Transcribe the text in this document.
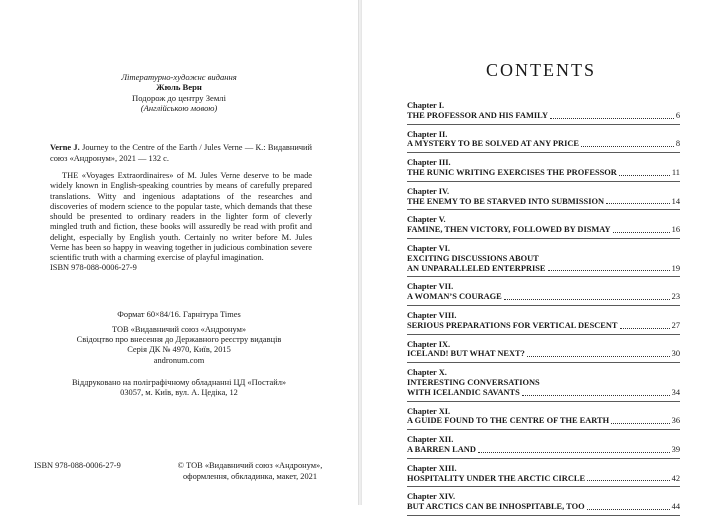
Літературно-художнє видання
Жюль Верн
Подорож до центру Землі
(Англійською мовою)
Verne J. Journey to the Centre of the Earth / Jules Verne — К.: Видавничий союз «Андронум», 2021 — 132 с.
THE «Voyages Extraordinaires» of M. Jules Verne deserve to be made widely known in English-speaking countries by means of carefully prepared translations. Witty and ingenious adaptations of the researches and discoveries of modern science to the popular taste, which demands that these should be presented to ordinary readers in the lighter form of cleverly mingled truth and fiction, these books will assuredly be read with profit and delight, especially by English youth. Certainly no writer before M. Jules Verne has been so happy in weaving together in judicious combination severe scientific truth with a charming exercise of playful imagination.
ISBN 978-088-0006-27-9
Формат 60×84/16. Гарнітура Times
ТОВ «Видавничий союз «Андронум»
Свідоцтво про внесення до Державного реєстру видавців
Серія ДК № 4970, Київ, 2015
andronum.com
Віддруковано на поліграфічному обладнанні ЦД «Постайл»
03057, м. Київ, вул. А. Цедіка, 12
ISBN 978-088-0006-27-9	© ТОВ «Видавничий союз «Андронум»,
оформлення, обкладинка, макет, 2021
CONTENTS
Chapter I.
THE PROFESSOR AND HIS FAMILY	6
Chapter II.
A MYSTERY TO BE SOLVED AT ANY PRICE	8
Chapter III.
THE RUNIC WRITING EXERCISES THE PROFESSOR	11
Chapter IV.
THE ENEMY TO BE STARVED INTO SUBMISSION	14
Chapter V.
FAMINE, THEN VICTORY, FOLLOWED BY DISMAY	16
Chapter VI.
EXCITING DISCUSSIONS ABOUT
AN UNPARALLELED ENTERPRISE	19
Chapter VII.
A WOMAN’S COURAGE	23
Chapter VIII.
SERIOUS PREPARATIONS FOR VERTICAL DESCENT	27
Chapter IX.
ICELAND! BUT WHAT NEXT?	30
Chapter X.
INTERESTING CONVERSATIONS
WITH ICELANDIC SAVANTS	34
Chapter XI.
A GUIDE FOUND TO THE CENTRE OF THE EARTH	36
Chapter XII.
A BARREN LAND	39
Chapter XIII.
HOSPITALITY UNDER THE ARCTIC CIRCLE	42
Chapter XIV.
BUT ARCTICS CAN BE INHOSPITABLE, TOO	44
